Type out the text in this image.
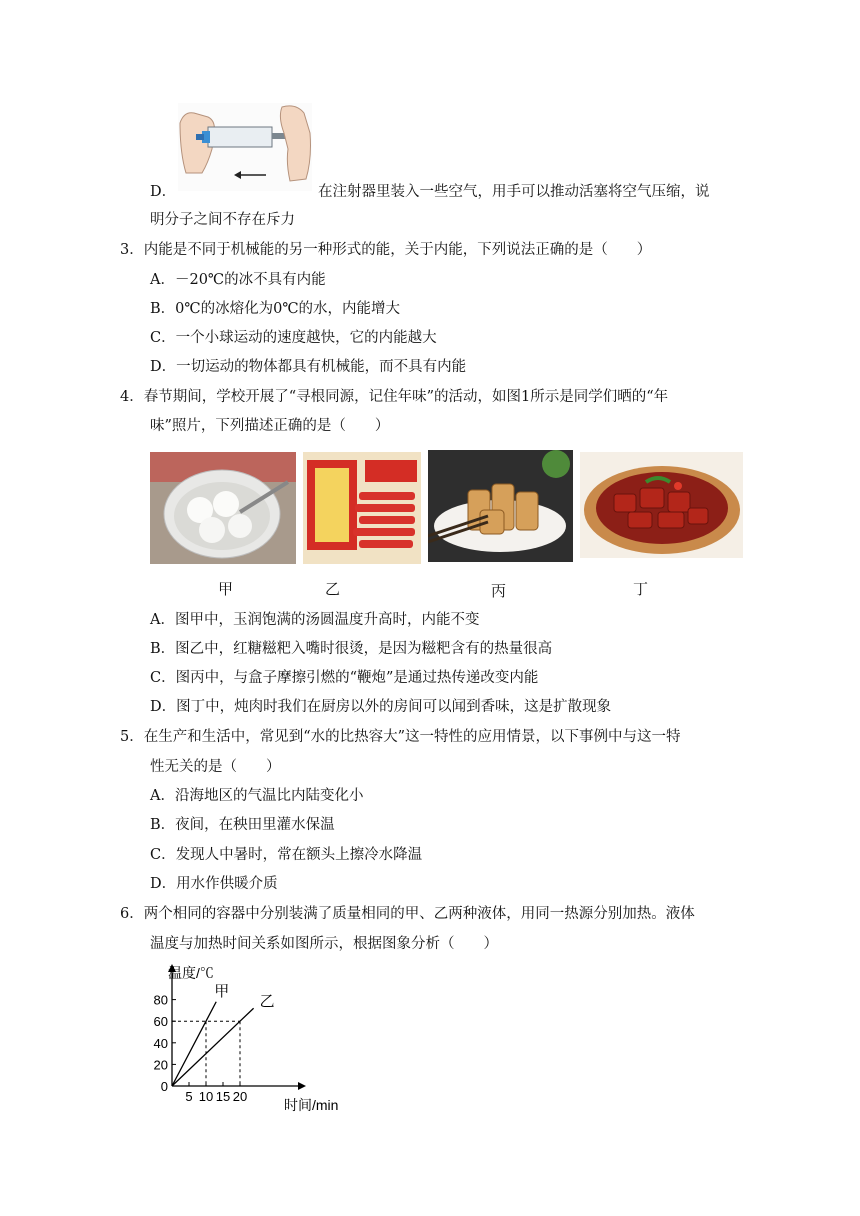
D．	在注射器里装入一些空气，用手可以推动活塞将空气压缩，说
明分子之间不存在斥力
3．内能是不同于机械能的另一种形式的能，关于内能，下列说法正确的是（　　）
A．－20℃的冰不具有内能
B．0℃的冰熔化为0℃的水，内能增大
C．一个小球运动的速度越快，它的内能越大
D．一切运动的物体都具有机械能，而不具有内能
4．春节期间，学校开展了“寻根同源，记住年味”的活动，如图1所示是同学们晒的“年
味”照片，下列描述正确的是（　　）
甲	乙	丙	丁
A．图甲中，玉润饱满的汤圆温度升高时，内能不变
B．图乙中，红糖糍粑入嘴时很烫，是因为糍粑含有的热量很高
C．图丙中，与盒子摩擦引燃的“鞭炮”是通过热传递改变内能
D．图丁中，炖肉时我们在厨房以外的房间可以闻到香味，这是扩散现象
5．在生产和生活中，常见到“水的比热容大”这一特性的应用情景，以下事例中与这一特
性无关的是（　　）
A．沿海地区的气温比内陆变化小
B．夜间，在秧田里灌水保温
C．发现人中暑时，常在额头上擦冷水降温
D．用水作供暖介质
6．两个相同的容器中分别装满了质量相同的甲、乙两种液体，用同一热源分别加热。液体
温度与加热时间关系如图所示，根据图象分析（　　）
温度/℃
时间/min
0
20
40
60
80
5 10 15 20
甲
乙
